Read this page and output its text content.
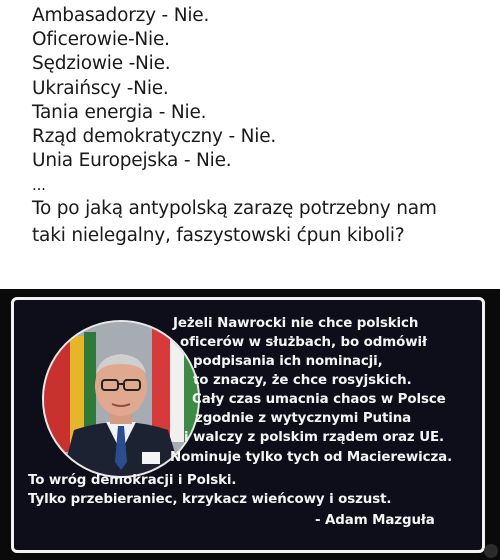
Ambasadorzy - Nie.
Oficerowie-Nie.
Sędziowie -Nie.
Ukraińscy -Nie.
Tania energia - Nie.
Rząd demokratyczny - Nie.
Unia Europejska - Nie.
...
To po jaką antypolską zarazę potrzebny nam
taki nielegalny, faszystowski ćpun kiboli?
Jeżeli Nawrocki nie chce polskich
oficerów w służbach, bo odmówił
podpisania ich nominacji,
to znaczy, że chce rosyjskich.
Cały czas umacnia chaos w Polsce
zgodnie z wytycznymi Putina
i walczy z polskim rządem oraz UE.
Nominuje tylko tych od Macierewicza.
To wróg demokracji i Polski.
Tylko przebieraniec, krzykacz wieńcowy i oszust.
- Adam Mazguła
